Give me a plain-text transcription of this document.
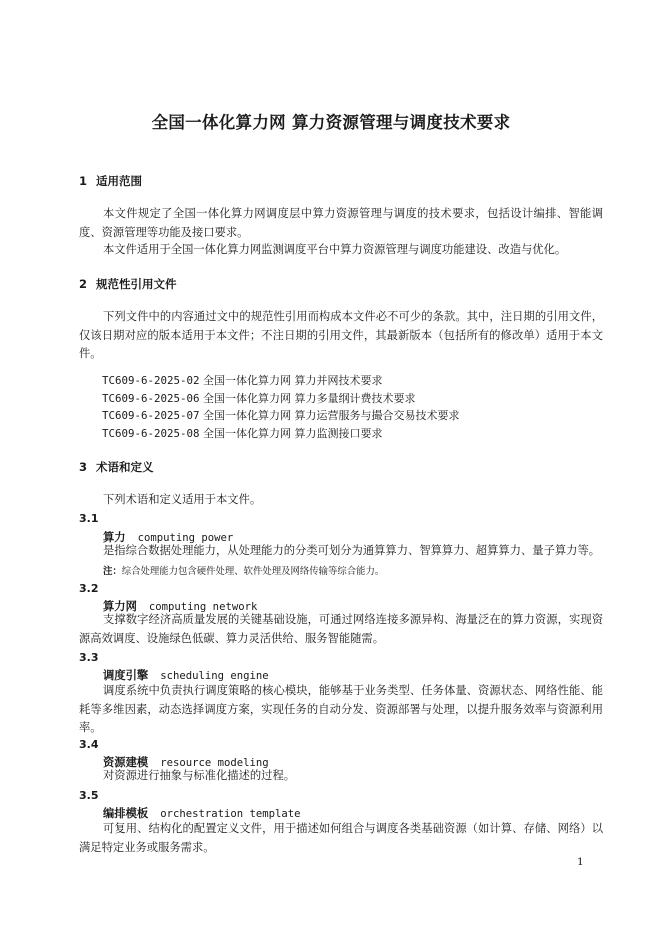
全国一体化算力网 算力资源管理与调度技术要求
1 适用范围
本文件规定了全国一体化算力网调度层中算力资源管理与调度的技术要求，包括设计编排、智能调度、资源管理等功能及接口要求。
本文件适用于全国一体化算力网监测调度平台中算力资源管理与调度功能建设、改造与优化。
2 规范性引用文件
下列文件中的内容通过文中的规范性引用而构成本文件必不可少的条款。其中，注日期的引用文件，仅该日期对应的版本适用于本文件；不注日期的引用文件，其最新版本（包括所有的修改单）适用于本文件。
TC609-6-2025-02 全国一体化算力网 算力并网技术要求
TC609-6-2025-06 全国一体化算力网 算力多量纲计费技术要求
TC609-6-2025-07 全国一体化算力网 算力运营服务与撮合交易技术要求
TC609-6-2025-08 全国一体化算力网 算力监测接口要求
3 术语和定义
下列术语和定义适用于本文件。
3.1
算力 computing power
是指综合数据处理能力，从处理能力的分类可划分为通算算力、智算算力、超算算力、量子算力等。
注：综合处理能力包含硬件处理、软件处理及网络传输等综合能力。
3.2
算力网 computing network
支撑数字经济高质量发展的关键基础设施，可通过网络连接多源异构、海量泛在的算力资源，实现资源高效调度、设施绿色低碳、算力灵活供给、服务智能随需。
3.3
调度引擎 scheduling engine
调度系统中负责执行调度策略的核心模块，能够基于业务类型、任务体量、资源状态、网络性能、能耗等多维因素，动态选择调度方案，实现任务的自动分发、资源部署与处理，以提升服务效率与资源利用率。
3.4
资源建模 resource modeling
对资源进行抽象与标准化描述的过程。
3.5
编排模板 orchestration template
可复用、结构化的配置定义文件，用于描述如何组合与调度各类基础资源（如计算、存储、网络）以满足特定业务或服务需求。
1
